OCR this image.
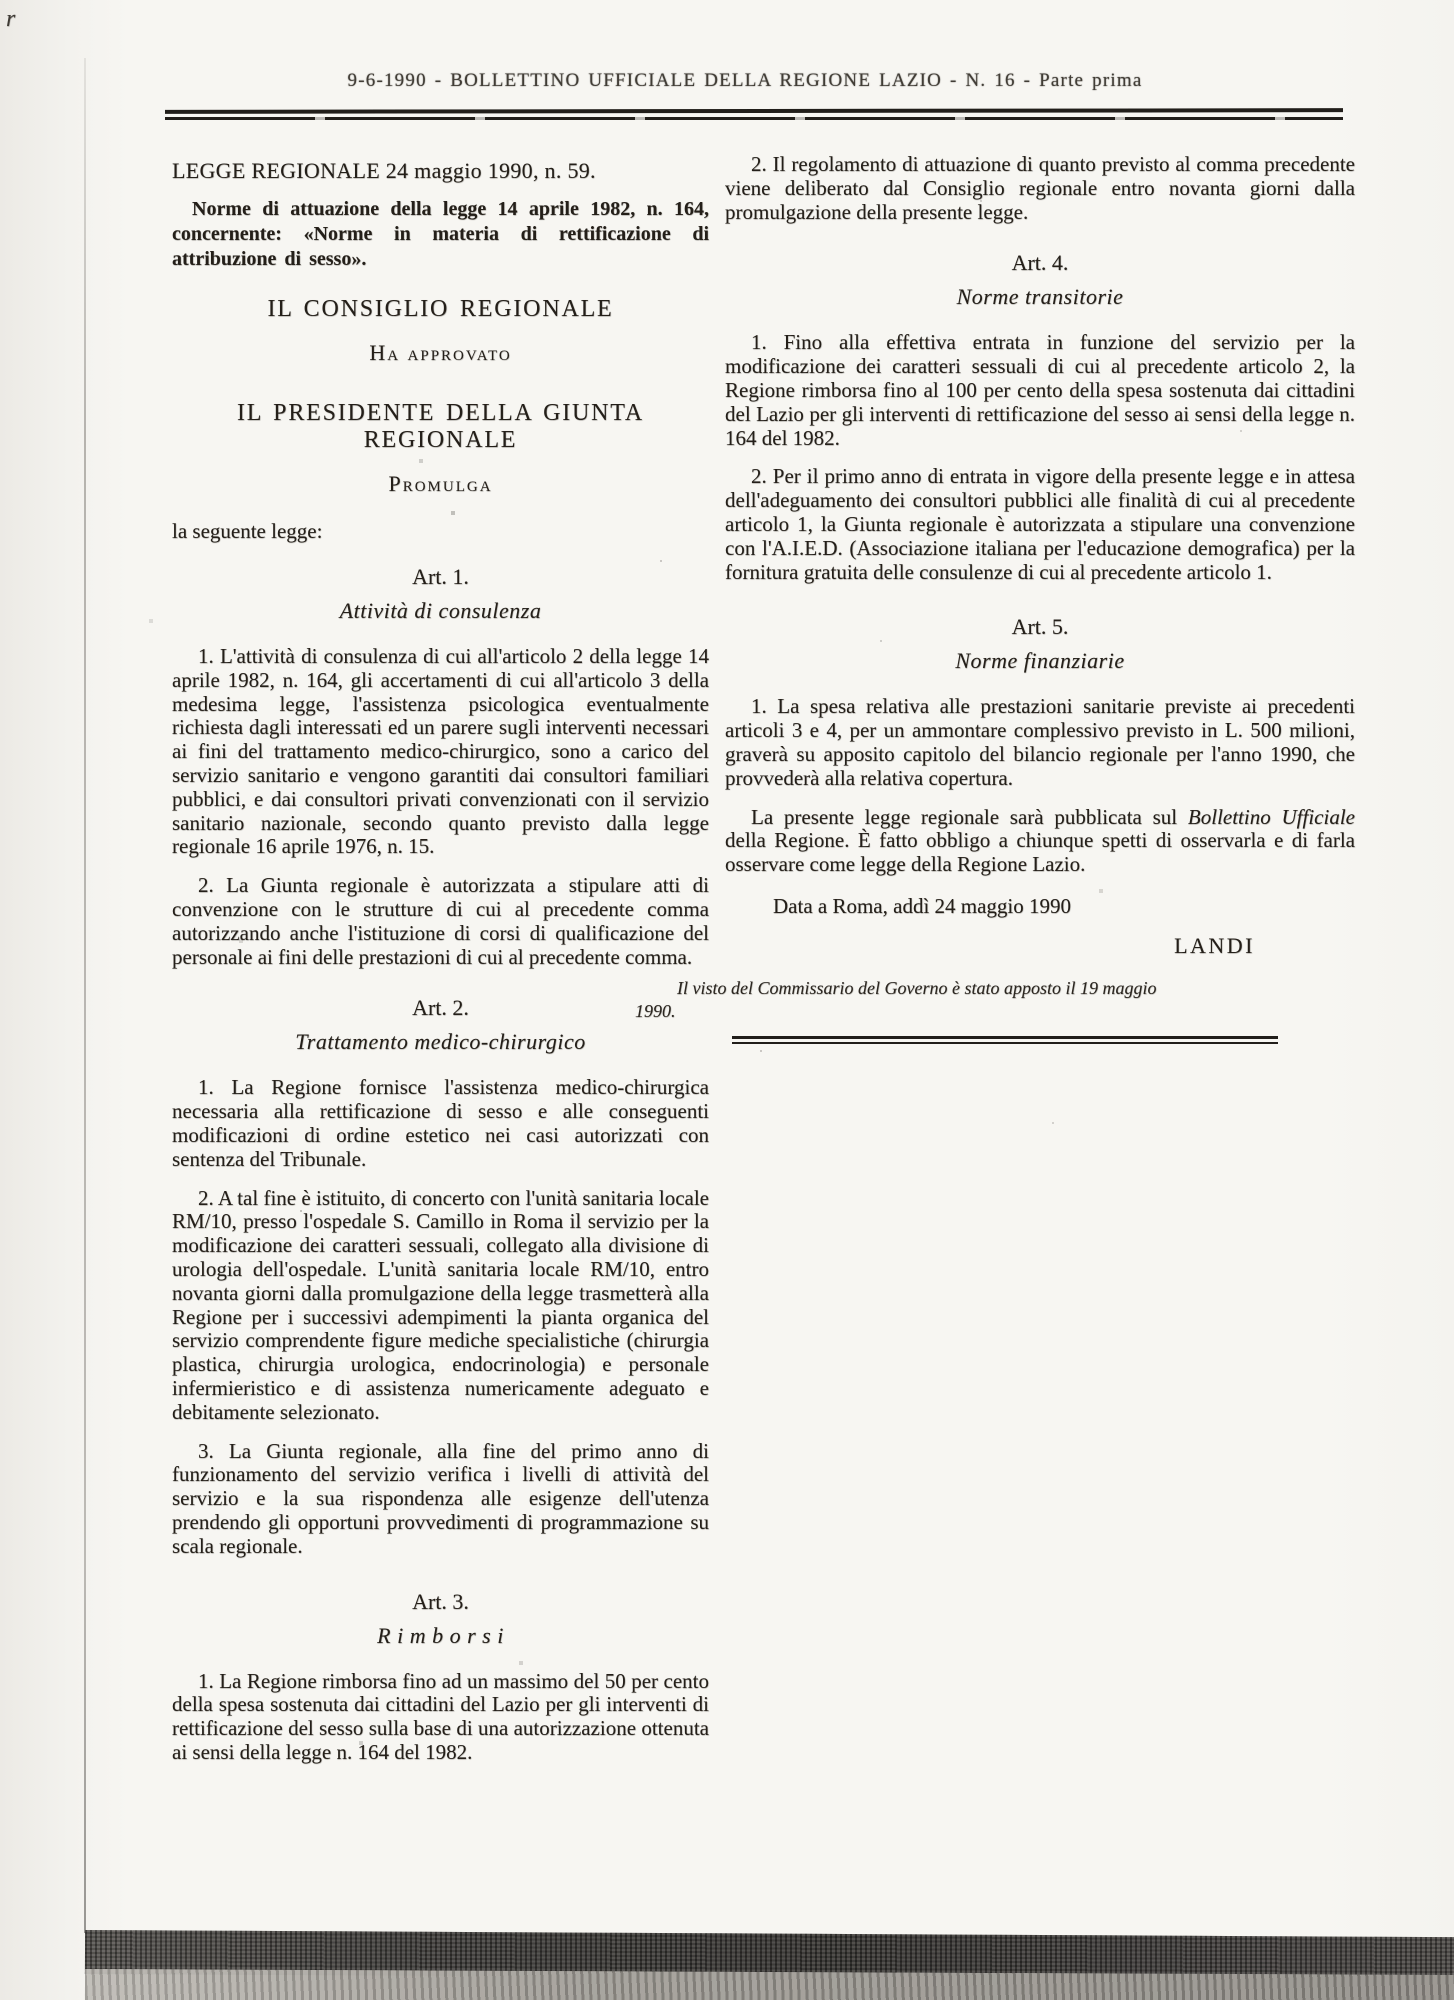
r
9-6-1990 - BOLLETTINO UFFICIALE DELLA REGIONE LAZIO - N. 16 - Parte prima

LEGGE REGIONALE 24 maggio 1990, n. 59.

Norme di attuazione della legge 14 aprile 1982, n. 164, concernente: «Norme in materia di rettificazione di attribuzione di sesso».

IL CONSIGLIO REGIONALE

Ha approvato

IL PRESIDENTE DELLA GIUNTA REGIONALE

Promulga

la seguente legge:

Art. 1.

Attività di consulenza

1. L'attività di consulenza di cui all'articolo 2 della legge 14 aprile 1982, n. 164, gli accertamenti di cui all'articolo 3 della medesima legge, l'assistenza psicologica eventualmente richiesta dagli interessati ed un parere sugli interventi necessari ai fini del trattamento medico-chirurgico, sono a carico del servizio sanitario e vengono garantiti dai consultori familiari pubblici, e dai consultori privati convenzionati con il servizio sanitario nazionale, secondo quanto previsto dalla legge regionale 16 aprile 1976, n. 15.

2. La Giunta regionale è autorizzata a stipulare atti di convenzione con le strutture di cui al precedente comma autorizzando anche l'istituzione di corsi di qualificazione del personale ai fini delle prestazioni di cui al precedente comma.

Art. 2.

Trattamento medico-chirurgico

1. La Regione fornisce l'assistenza medico-chirurgica necessaria alla rettificazione di sesso e alle conseguenti modificazioni di ordine estetico nei casi autorizzati con sentenza del Tribunale.

2. A tal fine è istituito, di concerto con l'unità sanitaria locale RM/10, presso l'ospedale S. Camillo in Roma il servizio per la modificazione dei caratteri sessuali, collegato alla divisione di urologia dell'ospedale. L'unità sanitaria locale RM/10, entro novanta giorni dalla promulgazione della legge trasmetterà alla Regione per i successivi adempimenti la pianta organica del servizio comprendente figure mediche specialistiche (chirurgia plastica, chirurgia urologica, endocrinologia) e personale infermieristico e di assistenza numericamente adeguato e debitamente selezionato.

3. La Giunta regionale, alla fine del primo anno di funzionamento del servizio verifica i livelli di attività del servizio e la sua rispondenza alle esigenze dell'utenza prendendo gli opportuni provvedimenti di programmazione su scala regionale.

Art. 3.

R i m b o r s i

1. La Regione rimborsa fino ad un massimo del 50 per cento della spesa sostenuta dai cittadini del Lazio per gli interventi di rettificazione del sesso sulla base di una autorizzazione ottenuta ai sensi della legge n. 164 del 1982.

2. Il regolamento di attuazione di quanto previsto al comma precedente viene deliberato dal Consiglio regionale entro novanta giorni dalla promulgazione della presente legge.

Art. 4.

Norme transitorie

1. Fino alla effettiva entrata in funzione del servizio per la modificazione dei caratteri sessuali di cui al precedente articolo 2, la Regione rimborsa fino al 100 per cento della spesa sostenuta dai cittadini del Lazio per gli interventi di rettificazione del sesso ai sensi della legge n. 164 del 1982.

2. Per il primo anno di entrata in vigore della presente legge e in attesa dell'adeguamento dei consultori pubblici alle finalità di cui al precedente articolo 1, la Giunta regionale è autorizzata a stipulare una convenzione con l'A.I.E.D. (Associazione italiana per l'educazione demografica) per la fornitura gratuita delle consulenze di cui al precedente articolo 1.

Art. 5.

Norme finanziarie

1. La spesa relativa alle prestazioni sanitarie previste ai precedenti articoli 3 e 4, per un ammontare complessivo previsto in L. 500 milioni, graverà su apposito capitolo del bilancio regionale per l'anno 1990, che provvederà alla relativa copertura.

La presente legge regionale sarà pubblicata sul Bollettino Ufficiale della Regione. È fatto obbligo a chiunque spetti di osservarla e di farla osservare come legge della Regione Lazio.

Data a Roma, addì 24 maggio 1990

LANDI

Il visto del Commissario del Governo è stato apposto il 19 maggio
1990.
